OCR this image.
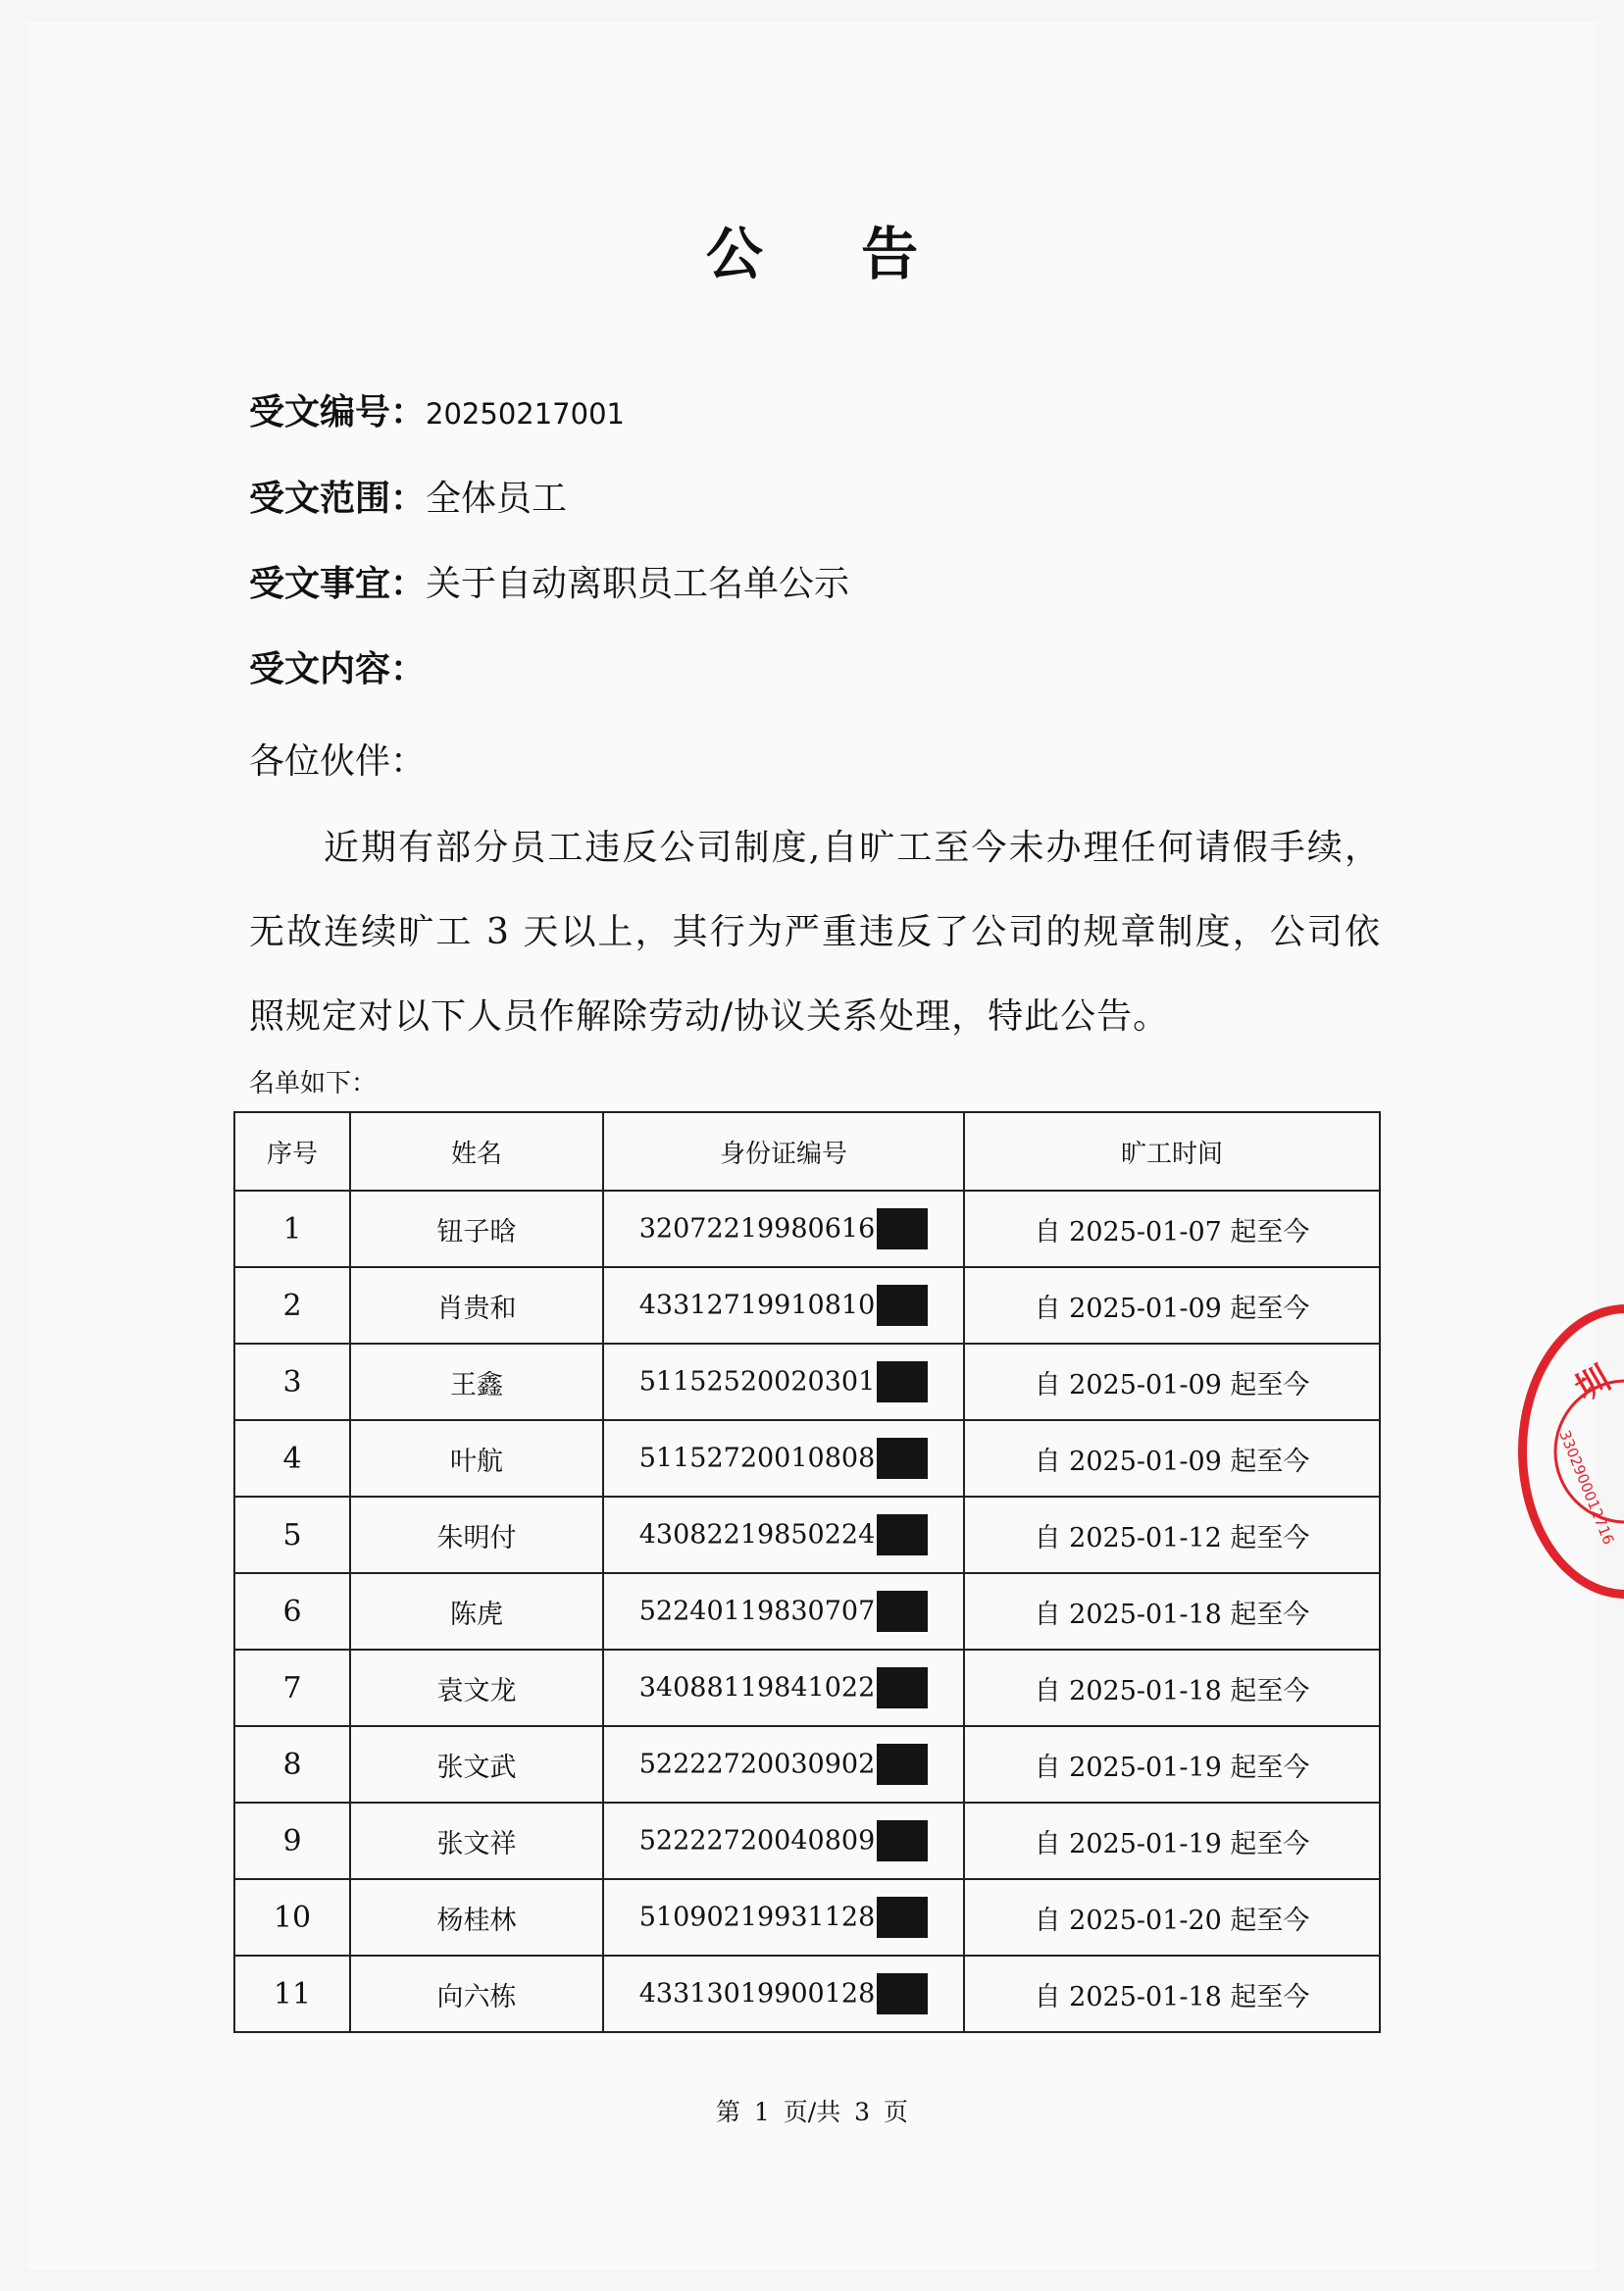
公 告
受文编号：20250217001
受文范围：全体员工
受文事宜：关于自动离职员工名单公示
受文内容：
各位伙伴：

近期有部分员工违反公司制度,自旷工至今未办理任何请假手续，无故连续旷工 3 天以上，其行为严重违反了公司的规章制度，公司依照规定对以下人员作解除劳动/协议关系处理，特此公告。

名单如下：
序号	姓名	身份证编号	旷工时间
1	钮子晗	32072219980616	自 2025-01-07 起至今
2	肖贵和	43312719910810	自 2025-01-09 起至今
3	王鑫	51152520020301	自 2025-01-09 起至今
4	叶航	51152720010808	自 2025-01-09 起至今
5	朱明付	43082219850224	自 2025-01-12 起至今
6	陈虎	52240119830707	自 2025-01-18 起至今
7	袁文龙	34088119841022	自 2025-01-18 起至今
8	张文武	52222720030902	自 2025-01-19 起至今
9	张文祥	52222720040809	自 2025-01-19 起至今
10	杨桂林	51090219931128	自 2025-01-20 起至今
11	向六栋	43313019900128	自 2025-01-18 起至今
第 1 页/共 3 页
圳
3302900012716
